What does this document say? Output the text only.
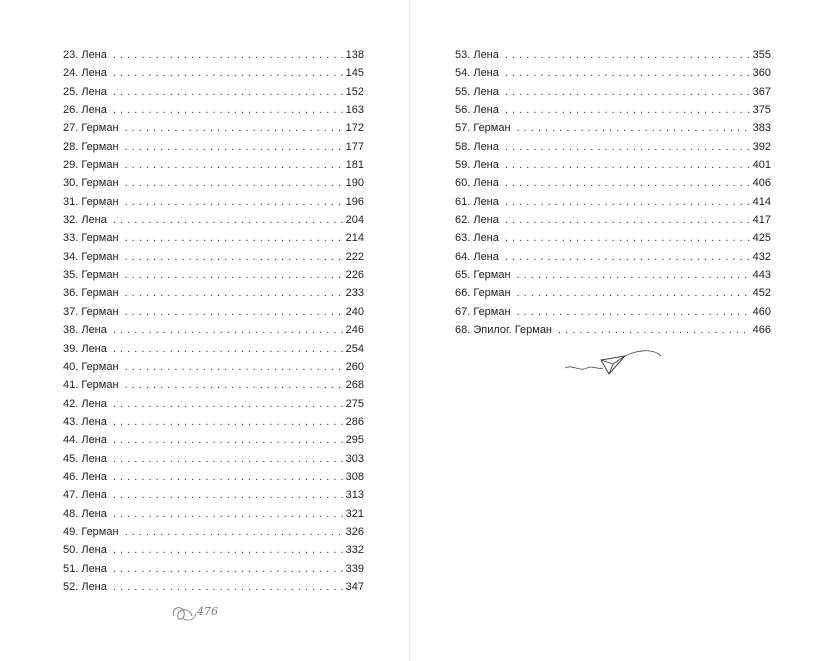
23. Лена . . .	138
24. Лена . . .	145
25. Лена . . .	152
26. Лена . . .	163
27. Герман . . .	172
28. Герман . . .	177
29. Герман . . .	181
30. Герман . . .	190
31. Герман . . .	196
32. Лена . . .	204
33. Герман . . .	214
34. Герман . . .	222
35. Герман . . .	226
36. Герман . . .	233
37. Герман . . .	240
38. Лена . . .	246
39. Лена . . .	254
40. Герман . . .	260
41. Герман . . .	268
42. Лена . . .	275
43. Лена . . .	286
44. Лена . . .	295
45. Лена . . .	303
46. Лена . . .	308
47. Лена . . .	313
48. Лена . . .	321
49. Герман . . .	326
50. Лена . . .	332
51. Лена . . .	339
52. Лена . . .	347
476
53. Лена . . .	355
54. Лена . . .	360
55. Лена . . .	367
56. Лена . . .	375
57. Герман . . .	383
58. Лена . . .	392
59. Лена . . .	401
60. Лена . . .	406
61. Лена . . .	414
62. Лена . . .	417
63. Лена . . .	425
64. Лена . . .	432
65. Герман . . .	443
66. Герман . . .	452
67. Герман . . .	460
68. Эпилог. Герман . . .	466
